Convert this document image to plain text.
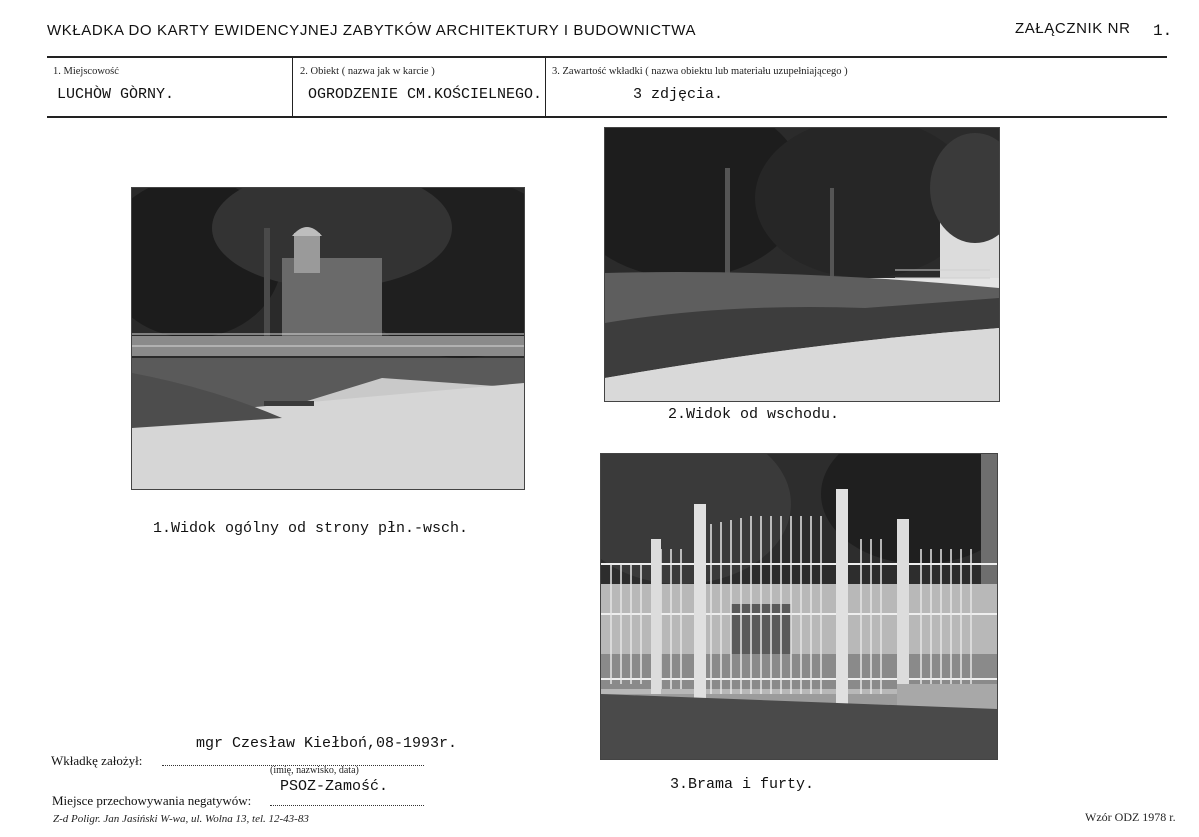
WKŁADKA DO KARTY EWIDENCYJNEJ ZABYTKÓW ARCHITEKTURY I BUDOWNICTWA	ZAŁĄCZNIK NR 1.
1. Miejscowość
LUCHÒW GÒRNY.
2. Obiekt ( nazwa jak w karcie )
OGRODZENIE CM.KOŚCIELNEGO.
3. Zawartość wkładki ( nazwa obiektu lub materiału uzupełniającego )
3 zdjęcia.
1.Widok ogólny od strony płn.-wsch.
2.Widok od wschodu.
3.Brama i furty.
mgr Czesław Kiełboń,08-1993r.
Wkładkę założył:
(imię, nazwisko, data)
PSOZ-Zamość.
Miejsce przechowywania negatywów:
Z-d Poligr. Jan Jasiński W-wa, ul. Wolna 13, tel. 12-43-83	Wzór ODZ 1978 r.
